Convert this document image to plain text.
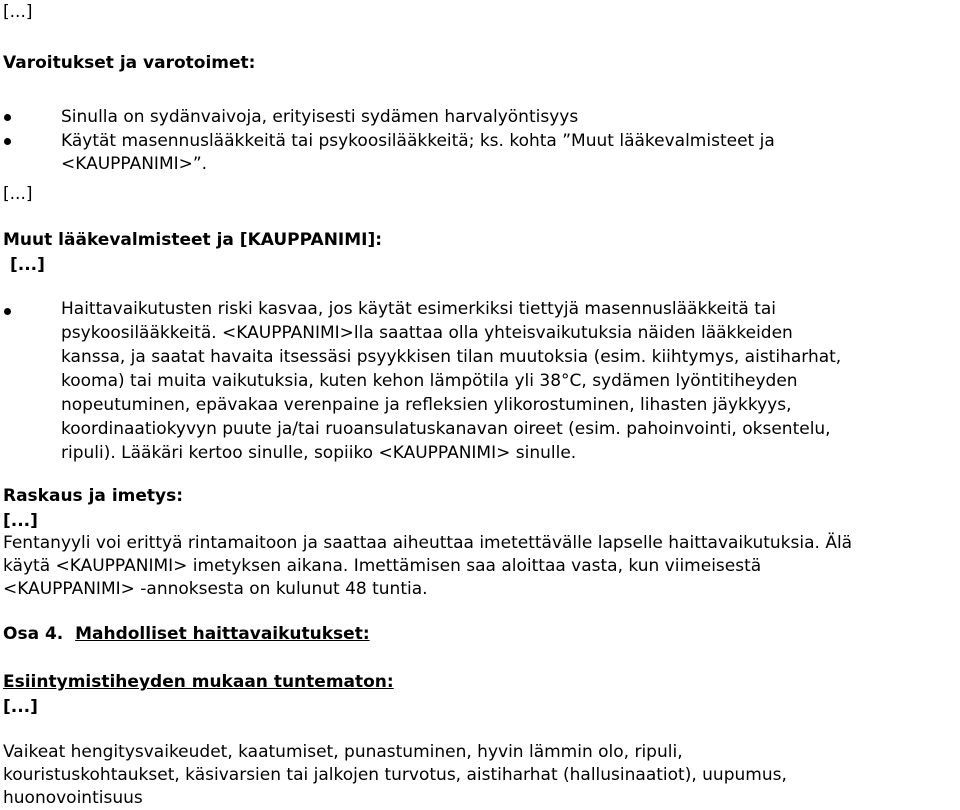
[...]
Varoitukset ja varotoimet:
Sinulla on sydänvaivoja, erityisesti sydämen harvalyöntisyys
Käytät masennuslääkkeitä tai psykoosilääkkeitä; ks. kohta ”Muut lääkevalmisteet ja
<KAUPPANIMI>”.
[...]
Muut lääkevalmisteet ja [KAUPPANIMI]:
[...]
Haittavaikutusten riski kasvaa, jos käytät esimerkiksi tiettyjä masennuslääkkeitä tai
psykoosilääkkeitä. <KAUPPANIMI>lla saattaa olla yhteisvaikutuksia näiden lääkkeiden
kanssa, ja saatat havaita itsessäsi psyykkisen tilan muutoksia (esim. kiihtymys, aistiharhat,
kooma) tai muita vaikutuksia, kuten kehon lämpötila yli 38°C, sydämen lyöntitiheyden
nopeutuminen, epävakaa verenpaine ja refleksien ylikorostuminen, lihasten jäykkyys,
koordinaatiokyvyn puute ja/tai ruoansulatuskanavan oireet (esim. pahoinvointi, oksentelu,
ripuli). Lääkäri kertoo sinulle, sopiiko <KAUPPANIMI> sinulle.
Raskaus ja imetys:
[...]
Fentanyyli voi erittyä rintamaitoon ja saattaa aiheuttaa imetettävälle lapselle haittavaikutuksia. Älä
käytä <KAUPPANIMI> imetyksen aikana. Imettämisen saa aloittaa vasta, kun viimeisestä
<KAUPPANIMI> -annoksesta on kulunut 48 tuntia.
Osa 4. Mahdolliset haittavaikutukset:
Esiintymistiheyden mukaan tuntematon:
[...]
Vaikeat hengitysvaikeudet, kaatumiset, punastuminen, hyvin lämmin olo, ripuli,
kouristuskohtaukset, käsivarsien tai jalkojen turvotus, aistiharhat (hallusinaatiot), uupumus,
huonovointisuus
